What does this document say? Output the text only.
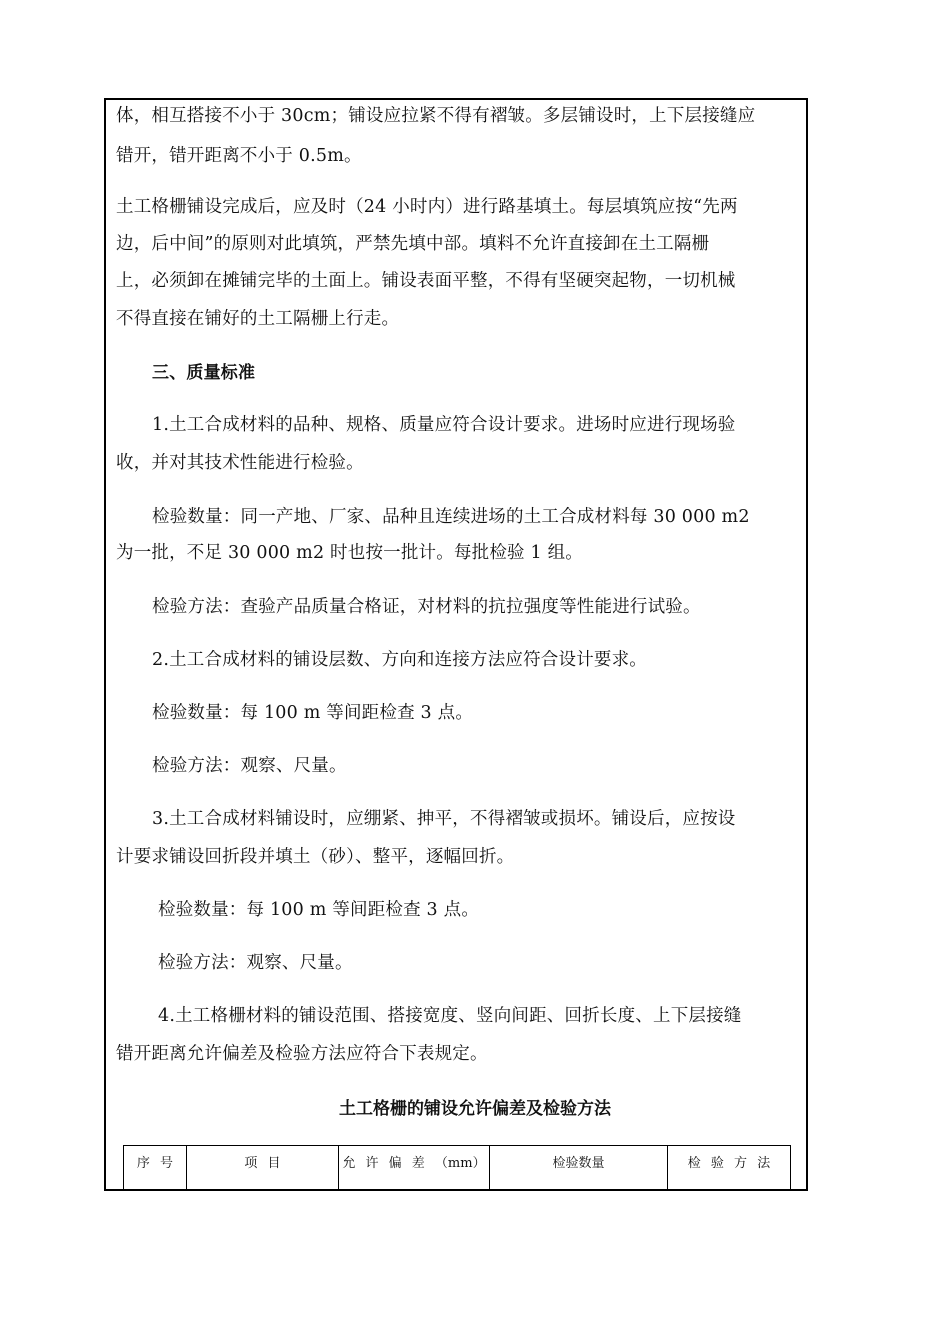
体，相互搭接不小于 30cm；铺设应拉紧不得有褶皱。多层铺设时，上下层接缝应
错开，错开距离不小于 0.5m。
土工格栅铺设完成后，应及时（24 小时内）进行路基填土。每层填筑应按“先两
边，后中间”的原则对此填筑，严禁先填中部。填料不允许直接卸在土工隔栅
上，必须卸在摊铺完毕的土面上。铺设表面平整，不得有坚硬突起物，一切机械
不得直接在铺好的土工隔栅上行走。
三、质量标准
1.土工合成材料的品种、规格、质量应符合设计要求。进场时应进行现场验
收，并对其技术性能进行检验。
检验数量：同一产地、厂家、品种且连续进场的土工合成材料每 30 000 m2
为一批，不足 30 000 m2 时也按一批计。每批检验 1 组。
检验方法：查验产品质量合格证，对材料的抗拉强度等性能进行试验。
2.土工合成材料的铺设层数、方向和连接方法应符合设计要求。
检验数量：每 100 m 等间距检查 3 点。
检验方法：观察、尺量。
3.土工合成材料铺设时，应绷紧、抻平，不得褶皱或损坏。铺设后，应按设
计要求铺设回折段并填土（砂）、整平，逐幅回折。
检验数量：每 100 m 等间距检查 3 点。
检验方法：观察、尺量。
4.土工格栅材料的铺设范围、搭接宽度、竖向间距、回折长度、上下层接缝
错开距离允许偏差及检验方法应符合下表规定。
土工格栅的铺设允许偏差及检验方法
序 号	项 目	允 许 偏 差 （mm）	检验数量	检 验 方 法
